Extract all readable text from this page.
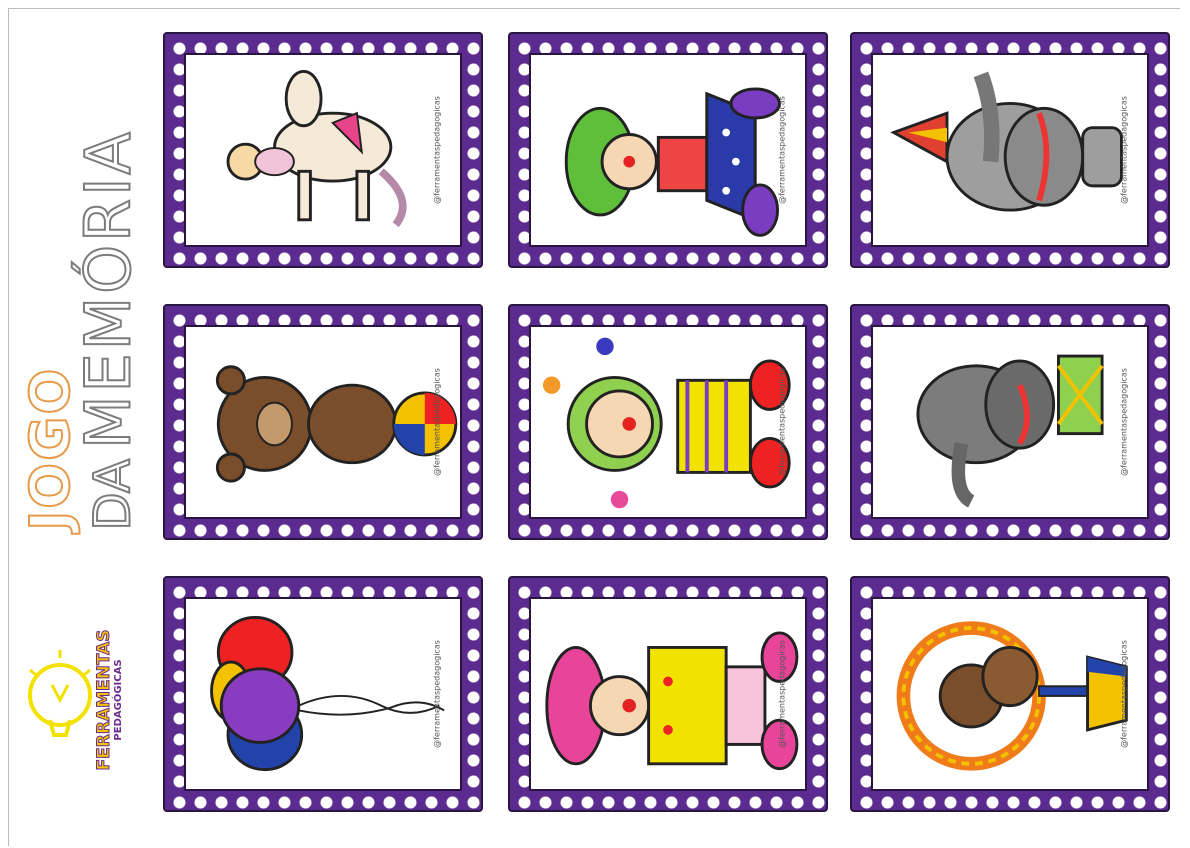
JOGO DA
MEMÓRIA
FERRAMENTAS PEDAGÓGICAS
@ferramentaspedagogicas	@ferramentaspedagogicas	@ferramentaspedagogicas
@ferramentaspedagogicas	@ferramentaspedagogicas	@ferramentaspedagogicas
@ferramentaspedagogicas	@ferramentaspedagogicas	@ferramentaspedagogicas
